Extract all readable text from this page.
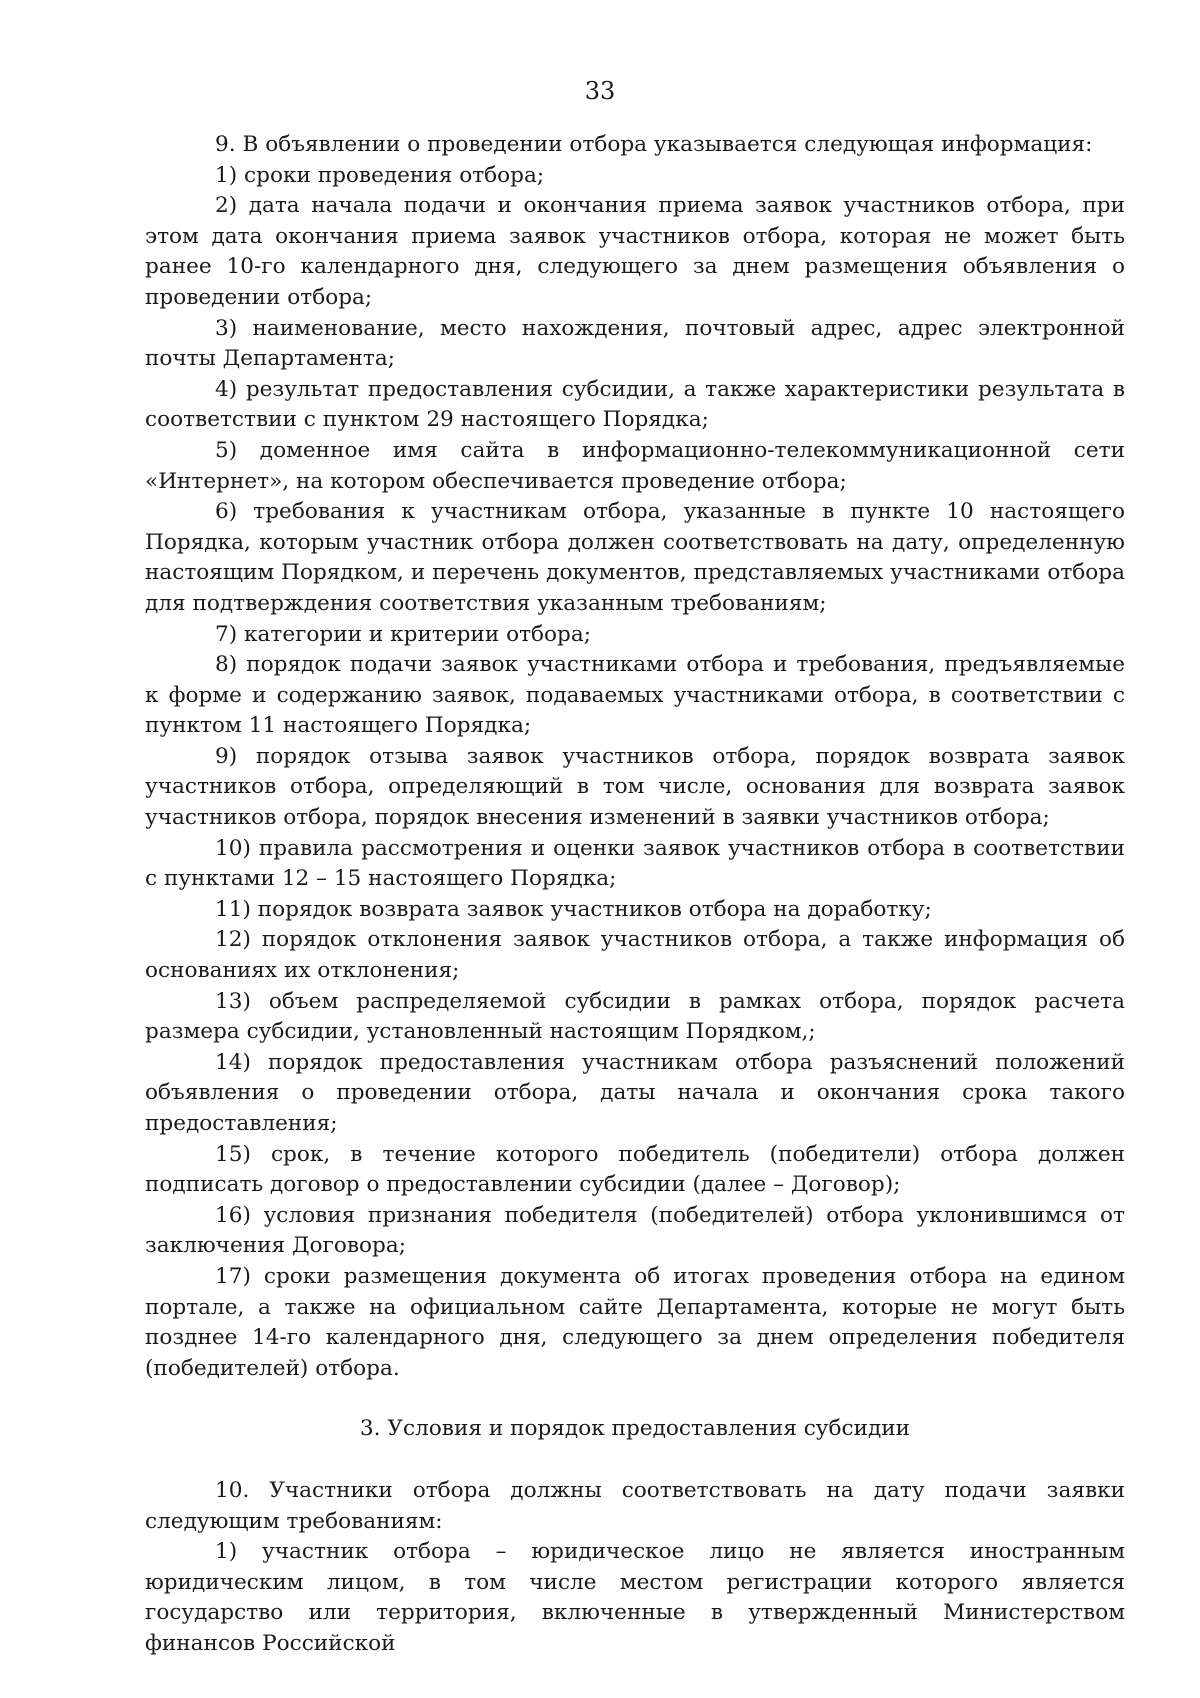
33

9. В объявлении о проведении отбора указывается следующая информация:

1) сроки проведения отбора;

2) дата начала подачи и окончания приема заявок участников отбора, при этом дата окончания приема заявок участников отбора, которая не может быть ранее 10-го календарного дня, следующего за днем размещения объявления о проведении отбора;

3) наименование, место нахождения, почтовый адрес, адрес электронной почты Департамента;

4) результат предоставления субсидии, а также характеристики результата в соответствии с пунктом 29 настоящего Порядка;

5) доменное имя сайта в информационно-телекоммуникационной сети «Интернет», на котором обеспечивается проведение отбора;

6) требования к участникам отбора, указанные в пункте 10 настоящего Порядка, которым участник отбора должен соответствовать на дату, определенную настоящим Порядком, и перечень документов, представляемых участниками отбора для подтверждения соответствия указанным требованиям;

7) категории и критерии отбора;

8) порядок подачи заявок участниками отбора и требования, предъявляемые к форме и содержанию заявок, подаваемых участниками отбора, в соответствии с пунктом 11 настоящего Порядка;

9) порядок отзыва заявок участников отбора, порядок возврата заявок участников отбора, определяющий в том числе, основания для возврата заявок участников отбора, порядок внесения изменений в заявки участников отбора;

10) правила рассмотрения и оценки заявок участников отбора в соответствии с пунктами 12 – 15 настоящего Порядка;

11) порядок возврата заявок участников отбора на доработку;

12) порядок отклонения заявок участников отбора, а также информация об основаниях их отклонения;

13) объем распределяемой субсидии в рамках отбора, порядок расчета размера субсидии, установленный настоящим Порядком,;

14) порядок предоставления участникам отбора разъяснений положений объявления о проведении отбора, даты начала и окончания срока такого предоставления;

15) срок, в течение которого победитель (победители) отбора должен подписать договор о предоставлении субсидии (далее – Договор);

16) условия признания победителя (победителей) отбора уклонившимся от заключения Договора;

17) сроки размещения документа об итогах проведения отбора на едином портале, а также на официальном сайте Департамента, которые не могут быть позднее 14-го календарного дня, следующего за днем определения победителя (победителей) отбора.

3. Условия и порядок предоставления субсидии

10. Участники отбора должны соответствовать на дату подачи заявки следующим требованиям:

1) участник отбора – юридическое лицо не является иностранным юридическим лицом, в том числе местом регистрации которого является государство или территория, включенные в утвержденный Министерством финансов Российской
